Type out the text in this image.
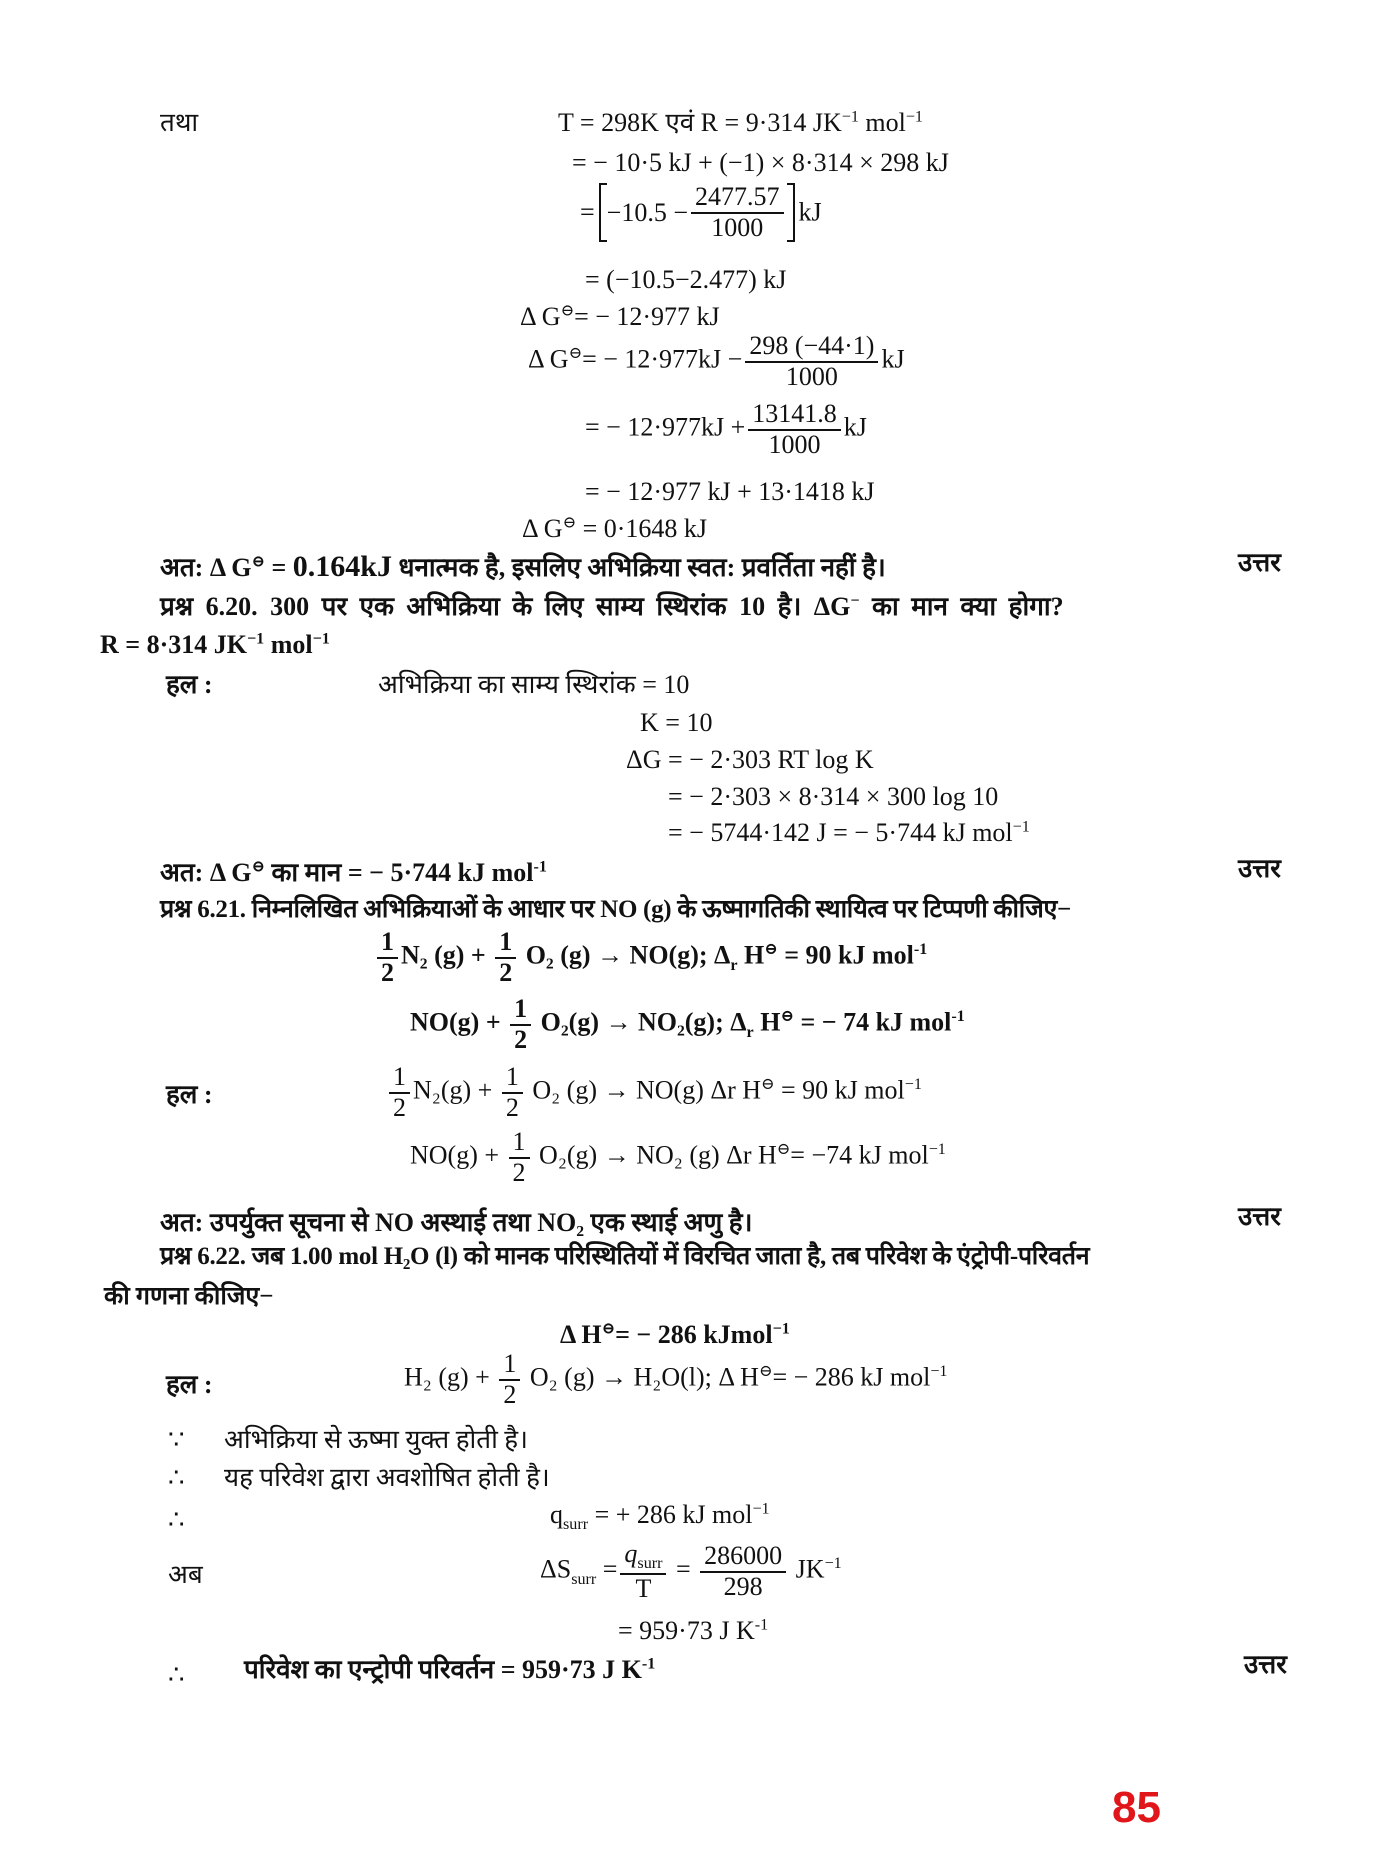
तथा	T = 298K एवं R = 9·314 $JK^{-1}$ mol$^{-1}$
= − 10·5 kJ + (−1) × 8·314 × 298 kJ
= $-10.5 - \frac{2477.57}{1000}$ kJ
= (−10.5−2.477) kJ
Δ G⊖= − 12·977 kJ
Δ $G^⊖= - 12\cdot 977kJ - \frac{298 (-44\cdot 1)}{1000}$ kJ
= − $12\cdot 977kJ + \frac{13141.8}{1000}$ kJ
= − 12·977 kJ + 13·1418 kJ
Δ G⊖ = 0·1648 kJ
अत: Δ G⊖ = 0.164kJ धनात्मक है, इसलिए अभिक्रिया स्वत: प्रवर्तिता नहीं है।	उत्तर
प्रश्न 6.20. 300 पर एक अभिक्रिया के लिए साम्य स्थिरांक 10 है। ΔG− का मान क्या होगा?
R = 8·314 $JK^{-1}$ mol$^{-1}$
हल :	अभिक्रिया का साम्य स्थिरांक = 10
K = 10
ΔG = − 2·303 RT log K
= − 2·303 × 8·314 × 300 log 10
= − 5744·142 J = − 5·744 kJ mol$^{-1}$
अत: Δ G⊖ का मान = − 5·744 kJ mol$^{-1}$	उत्तर
प्रश्न 6.21. निम्नलिखित अभिक्रियाओं के आधार पर NO (g) के ऊष्मागतिकी स्थायित्व पर टिप्पणी कीजिए−
$\frac{1}{2} N_2$ $(g) + \frac{1}{2} O_2$ (g) → NO(g); $\Delta_r$ H⊖ = 90 kJ mol$^{-1}$
$NO(g) + \frac{1}{2} O_2(g) \to NO_2(g)$; $\Delta_r$ H⊖ = − 74 kJ mol$^{-1}$
हल :	$\frac{1}{2} N_2(g) + \frac{1}{2} O_2$ (g) → NO(g) Δr H⊖ = 90 kJ mol$^{-1}$
$NO(g) + \frac{1}{2} O_2(g) \to NO_2$ (g) Δr H⊖= −74 kJ mol$^{-1}$
अत: उपर्युक्त सूचना से NO अस्थाई तथा NO₂ एक स्थाई अणु है।	उत्तर
प्रश्न 6.22. जब 1.00 mol H₂O (l) को मानक परिस्थितियों में विरचित जाता है, तब परिवेश के एंट्रोपी-परिवर्तन
की गणना कीजिए−
Δ H⊖= − 286 kJmol$^{-1}$
हल :	H₂ $(g) + \frac{1}{2} O_2$ (g) → H₂O(l); Δ H⊖= − 286 kJ mol$^{-1}$
∵ अभिक्रिया से ऊष्मा युक्त होती है।
∴ यह परिवेश द्वारा अवशोषित होती है।
∴	$q_{surr}$ = + 286 kJ mol$^{-1}$
अब	$\Delta S_{surr} = \frac{q_{surr}}{T} = \frac{286000}{298} JK^{-1}$
= 959·73 J $K^{-1}$
∴ परिवेश का एन्ट्रोपी परिवर्तन = 959·73 J $K^{-1}$	उत्तर
85
